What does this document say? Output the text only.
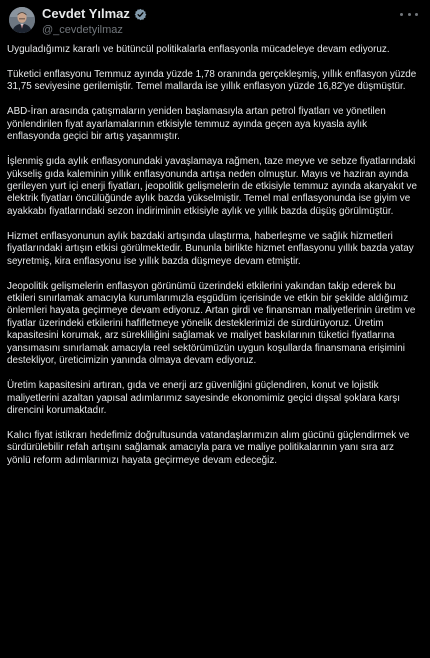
Cevdet Yılmaz
@_cevdetyilmaz

Uyguladığımız kararlı ve bütüncül politikalarla enflasyonla mücadeleye devam ediyoruz.

Tüketici enflasyonu Temmuz ayında yüzde 1,78 oranında gerçekleşmiş, yıllık enflasyon yüzde 31,75 seviyesine gerilemiştir. Temel mallarda ise yıllık enflasyon yüzde 16,82'ye düşmüştür.

ABD-İran arasında çatışmaların yeniden başlamasıyla artan petrol fiyatları ve yönetilen yönlendirilen fiyat ayarlamalarının etkisiyle temmuz ayında geçen aya kıyasla aylık enflasyonda geçici bir artış yaşanmıştır.

İşlenmiş gıda aylık enflasyonundaki yavaşlamaya rağmen, taze meyve ve sebze fiyatlarındaki yükseliş gıda kaleminin yıllık enflasyonunda artışa neden olmuştur. Mayıs ve haziran ayında gerileyen yurt içi enerji fiyatları, jeopolitik gelişmelerin de etkisiyle temmuz ayında akaryakıt ve elektrik fiyatları öncülüğünde aylık bazda yükselmiştir. Temel mal enflasyonunda ise giyim ve ayakkabı fiyatlarındaki sezon indiriminin etkisiyle aylık ve yıllık bazda düşüş görülmüştür.

Hizmet enflasyonunun aylık bazdaki artışında ulaştırma, haberleşme ve sağlık hizmetleri fiyatlarındaki artışın etkisi görülmektedir. Bununla birlikte hizmet enflasyonu yıllık bazda yatay seyretmiş, kira enflasyonu ise yıllık bazda düşmeye devam etmiştir.

Jeopolitik gelişmelerin enflasyon görünümü üzerindeki etkilerini yakından takip ederek bu etkileri sınırlamak amacıyla kurumlarımızla eşgüdüm içerisinde ve etkin bir şekilde aldığımız önlemleri hayata geçirmeye devam ediyoruz. Artan girdi ve finansman maliyetlerinin üretim ve fiyatlar üzerindeki etkilerini hafifletmeye yönelik desteklerimizi de sürdürüyoruz. Üretim kapasitesini korumak, arz sürekliliğini sağlamak ve maliyet baskılarının tüketici fiyatlarına yansımasını sınırlamak amacıyla reel sektörümüzün uygun koşullarda finansmana erişimini destekliyor, üreticimizin yanında olmaya devam ediyoruz.

Üretim kapasitesini artıran, gıda ve enerji arz güvenliğini güçlendiren, konut ve lojistik maliyetlerini azaltan yapısal adımlarımız sayesinde ekonomimiz geçici dışsal şoklara karşı direncini korumaktadır.

Kalıcı fiyat istikrarı hedefimiz doğrultusunda vatandaşlarımızın alım gücünü güçlendirmek ve sürdürülebilir refah artışını sağlamak amacıyla para ve maliye politikalarının yanı sıra arz yönlü reform adımlarımızı hayata geçirmeye devam edeceğiz.
